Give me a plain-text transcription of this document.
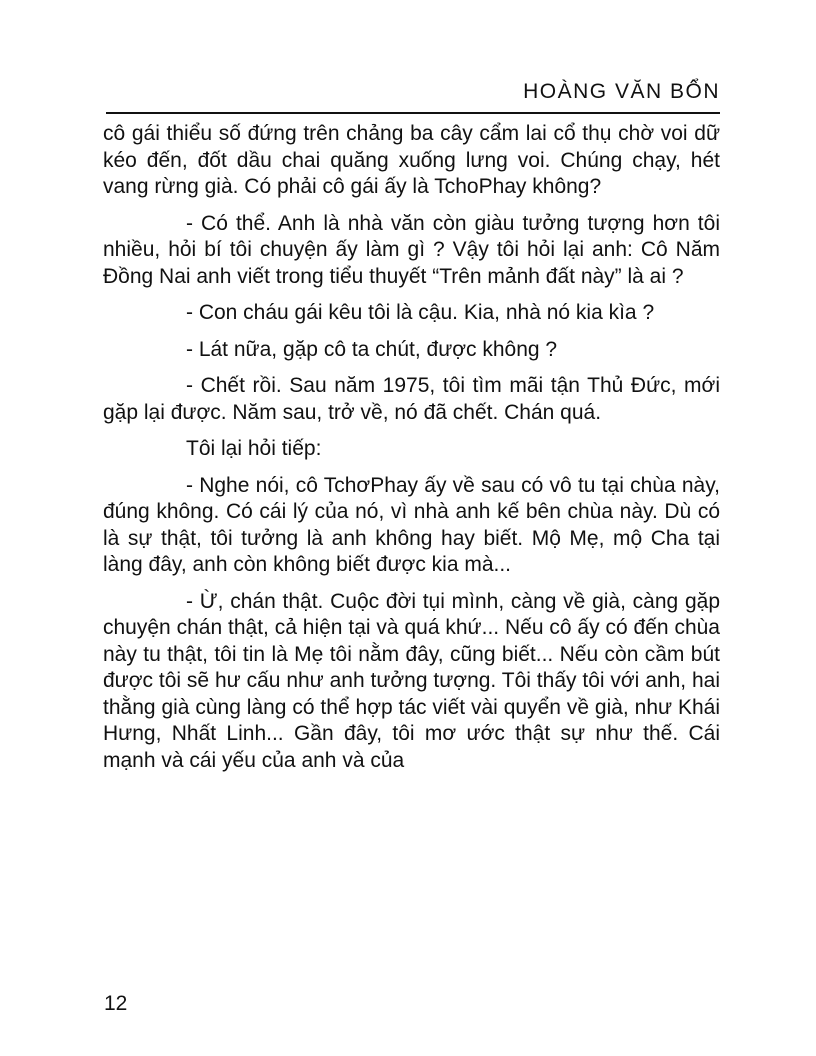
HOÀNG VĂN BỔN

cô gái thiểu số đứng trên chảng ba cây cẩm lai cổ thụ chờ voi dữ kéo đến, đốt dầu chai quăng xuống lưng voi. Chúng chạy, hét vang rừng già. Có phải cô gái ấy là TchoPhay không?

- Có thể. Anh là nhà văn còn giàu tưởng tượng hơn tôi nhiều, hỏi bí tôi chuyện ấy làm gì ? Vậy tôi hỏi lại anh: Cô Năm Đồng Nai anh viết trong tiểu thuyết “Trên mảnh đất này” là ai ?

- Con cháu gái kêu tôi là cậu. Kia, nhà nó kia kìa ?

- Lát nữa, gặp cô ta chút, được không ?

- Chết rồi. Sau năm 1975, tôi tìm mãi tận Thủ Đức, mới gặp lại được. Năm sau, trở về, nó đã chết. Chán quá.

Tôi lại hỏi tiếp:

- Nghe nói, cô TchơPhay ấy về sau có vô tu tại chùa này, đúng không. Có cái lý của nó, vì nhà anh kế bên chùa này. Dù có là sự thật, tôi tưởng là anh không hay biết. Mộ Mẹ, mộ Cha tại làng đây, anh còn không biết được kia mà...

- Ừ, chán thật. Cuộc đời tụi mình, càng về già, càng gặp chuyện chán thật, cả hiện tại và quá khứ... Nếu cô ấy có đến chùa này tu thật, tôi tin là Mẹ tôi nằm đây, cũng biết... Nếu còn cầm bút được tôi sẽ hư cấu như anh tưởng tượng. Tôi thấy tôi với anh, hai thằng già cùng làng có thể hợp tác viết vài quyển về già, như Khái Hưng, Nhất Linh... Gần đây, tôi mơ ước thật sự như thế. Cái mạnh và cái yếu của anh và của

12
